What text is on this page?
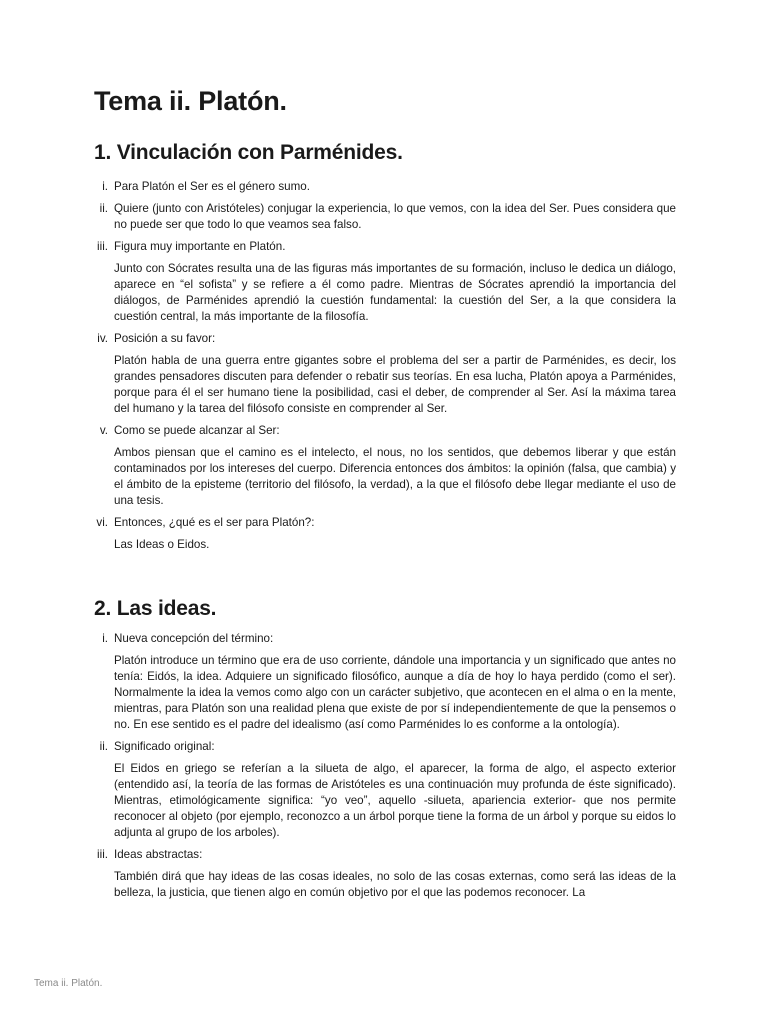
Tema ii. Platón.
1. Vinculación con Parménides.
i. Para Platón el Ser es el género sumo.
ii. Quiere (junto con Aristóteles) conjugar la experiencia, lo que vemos, con la idea del Ser. Pues considera que no puede ser que todo lo que veamos sea falso.
iii. Figura muy importante en Platón.
Junto con Sócrates resulta una de las figuras más importantes de su formación, incluso le dedica un diálogo, aparece en “el sofista” y se refiere a él como padre. Mientras de Sócrates aprendió la importancia del diálogos, de Parménides aprendió la cuestión fundamental: la cuestión del Ser, a la que considera la cuestión central, la más importante de la filosofía.
iv. Posición a su favor:
Platón habla de una guerra entre gigantes sobre el problema del ser a partir de Parménides, es decir, los grandes pensadores discuten para defender o rebatir sus teorías. En esa lucha, Platón apoya a Parménides, porque para él el ser humano tiene la posibilidad, casi el deber, de comprender al Ser. Así la máxima tarea del humano y la tarea del filósofo consiste en comprender al Ser.
v. Como se puede alcanzar al Ser:
Ambos piensan que el camino es el intelecto, el nous, no los sentidos, que debemos liberar y que están contaminados por los intereses del cuerpo. Diferencia entonces dos ámbitos: la opinión (falsa, que cambia) y el ámbito de la episteme (territorio del filósofo, la verdad), a la que el filósofo debe llegar mediante el uso de una tesis.
vi. Entonces, ¿qué es el ser para Platón?:
Las Ideas o Eidos.
2. Las ideas.
i. Nueva concepción del término:
Platón introduce un término que era de uso corriente, dándole una importancia y un significado que antes no tenía: Eidós, la idea. Adquiere un significado filosófico, aunque a día de hoy lo haya perdido (como el ser). Normalmente la idea la vemos como algo con un carácter subjetivo, que acontecen en el alma o en la mente, mientras, para Platón son una realidad plena que existe de por sí independientemente de que la pensemos o no. En ese sentido es el padre del idealismo (así como Parménides lo es conforme a la ontología).
ii. Significado original:
El Eidos en griego se referían a la silueta de algo, el aparecer, la forma de algo, el aspecto exterior (entendido así, la teoría de las formas de Aristóteles es una continuación muy profunda de éste significado). Mientras, etimológicamente significa: “yo veo”, aquello -silueta, apariencia exterior- que nos permite reconocer al objeto (por ejemplo, reconozco a un árbol porque tiene la forma de un árbol y porque su eidos lo adjunta al grupo de los arboles).
iii. Ideas abstractas:
También dirá que hay ideas de las cosas ideales, no solo de las cosas externas, como será las ideas de la belleza, la justicia, que tienen algo en común objetivo por el que las podemos reconocer. La
Tema ii. Platón.
